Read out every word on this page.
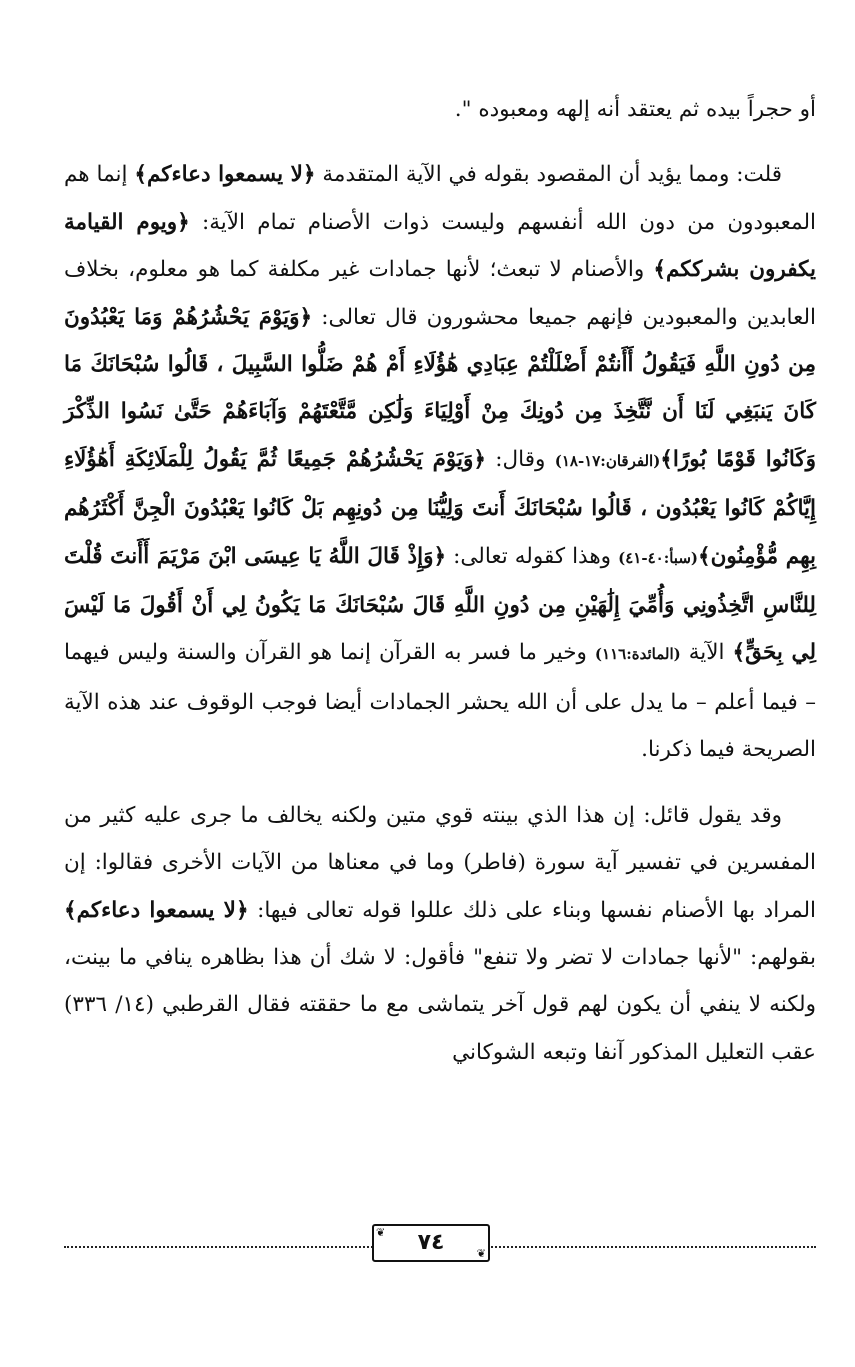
أو حجراً بيده ثم يعتقد أنه إلهه ومعبوده ".

قلت: ومما يؤيد أن المقصود بقوله في الآية المتقدمة ﴿لا يسمعوا دعاءكم﴾ إنما هم المعبودون من دون الله أنفسهم وليست ذوات الأصنام تمام الآية: ﴿ويوم القيامة يكفرون بشرككم﴾ والأصنام لا تبعث؛ لأنها جمادات غير مكلفة كما هو معلوم، بخلاف العابدين والمعبودين فإنهم جميعا محشورون قال تعالى: ﴿وَيَوْمَ يَحْشُرُهُمْ وَمَا يَعْبُدُونَ مِن دُونِ اللَّهِ فَيَقُولُ أَأَنتُمْ أَضْلَلْتُمْ عِبَادِي هَٰؤُلَاءِ أَمْ هُمْ ضَلُّوا السَّبِيلَ ، قَالُوا سُبْحَانَكَ مَا كَانَ يَنبَغِي لَنَا أَن نَّتَّخِذَ مِن دُونِكَ مِنْ أَوْلِيَاءَ وَلَٰكِن مَّتَّعْتَهُمْ وَآبَاءَهُمْ حَتَّىٰ نَسُوا الذِّكْرَ وَكَانُوا قَوْمًا بُورًا﴾(الفرقان:١٧-١٨) وقال: ﴿وَيَوْمَ يَحْشُرُهُمْ جَمِيعًا ثُمَّ يَقُولُ لِلْمَلَائِكَةِ أَهَٰؤُلَاءِ إِيَّاكُمْ كَانُوا يَعْبُدُون ، قَالُوا سُبْحَانَكَ أَنتَ وَلِيُّنَا مِن دُونِهِم بَلْ كَانُوا يَعْبُدُونَ الْجِنَّ أَكْثَرُهُم بِهِم مُّؤْمِنُون﴾(سبأ:٤٠-٤١) وهذا كقوله تعالى: ﴿وَإِذْ قَالَ اللَّهُ يَا عِيسَى ابْنَ مَرْيَمَ أَأَنتَ قُلْتَ لِلنَّاسِ اتَّخِذُونِي وَأُمِّيَ إِلَٰهَيْنِ مِن دُونِ اللَّهِ قَالَ سُبْحَانَكَ مَا يَكُونُ لِي أَنْ أَقُولَ مَا لَيْسَ لِي بِحَقٍّ﴾ الآية (المائدة:١١٦) وخير ما فسر به القرآن إنما هو القرآن والسنة وليس فيهما – فيما أعلم – ما يدل على أن الله يحشر الجمادات أيضا فوجب الوقوف عند هذه الآية الصريحة فيما ذكرنا.

وقد يقول قائل: إن هذا الذي بينته قوي متين ولكنه يخالف ما جرى عليه كثير من المفسرين في تفسير آية سورة (فاطر) وما في معناها من الآيات الأخرى فقالوا: إن المراد بها الأصنام نفسها وبناء على ذلك عللوا قوله تعالى فيها: ﴿لا يسمعوا دعاءكم﴾ بقولهم: "لأنها جمادات لا تضر ولا تنفع" فأقول: لا شك أن هذا بظاهره ينافي ما بينت، ولكنه لا ينفي أن يكون لهم قول آخر يتماشى مع ما حققته فقال القرطبي (١٤/ ٣٣٦) عقب التعليل المذكور آنفا وتبعه الشوكاني

❦ ٧٤	❦
